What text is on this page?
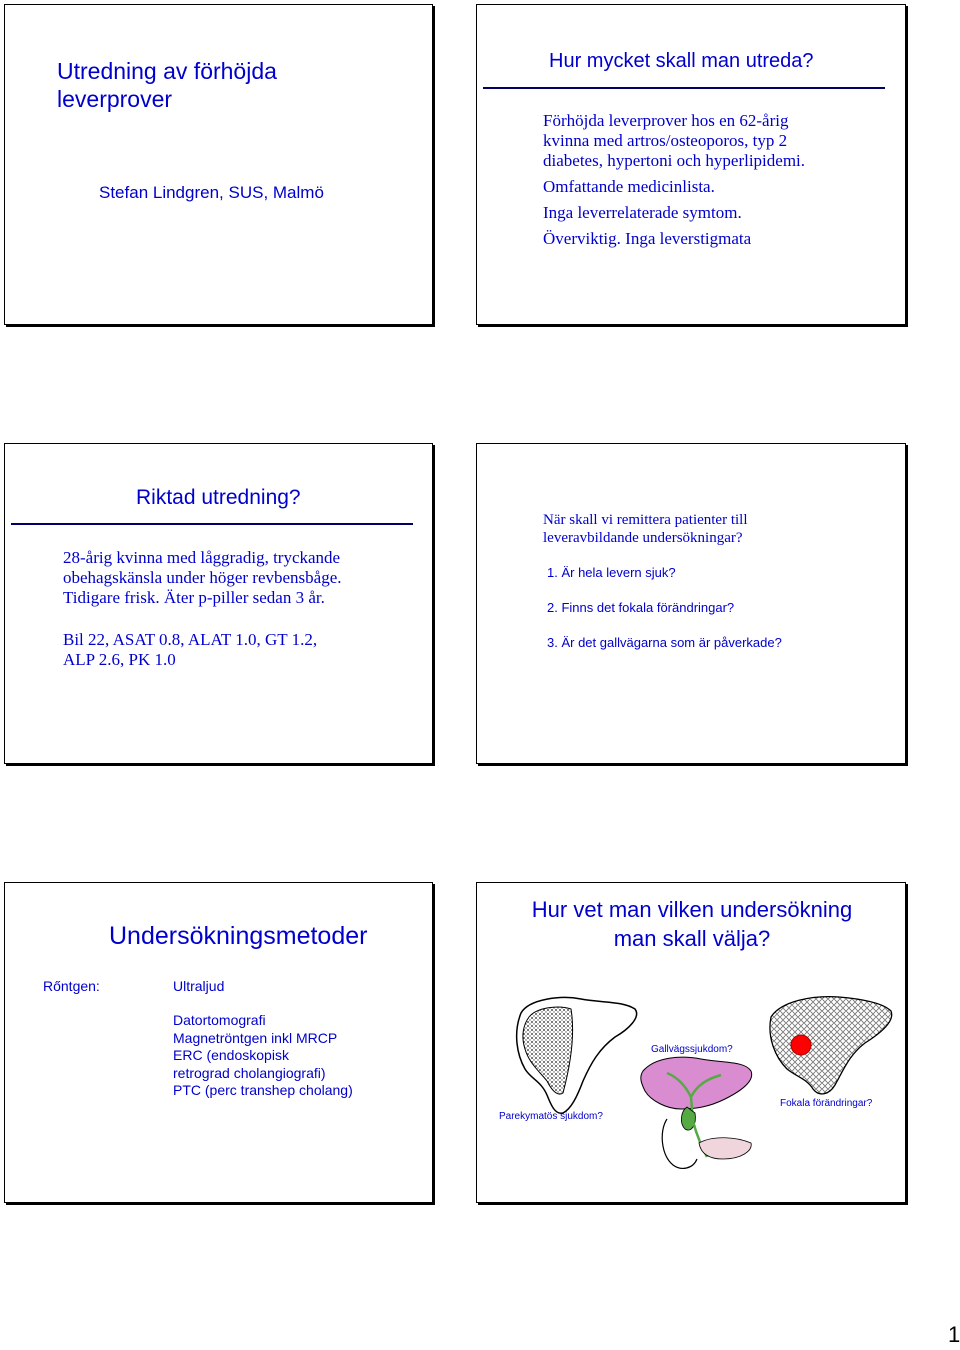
Utredning av förhöjda leverprover
Stefan Lindgren, SUS, Malmö
Hur mycket skall man utreda?
Förhöjda leverprover hos en 62-årig
kvinna med artros/osteoporos, typ 2
diabetes, hypertoni och hyperlipidemi.
Omfattande medicinlista.
Inga leverrelaterade symtom.
Överviktig. Inga leverstigmata
Riktad utredning?
28-årig kvinna med låggradig, tryckande
obehagskänsla under höger revbensbåge.
Tidigare frisk. Äter p-piller sedan 3 år.
Bil 22, ASAT 0.8, ALAT 1.0, GT 1.2,
ALP 2.6, PK 1.0
När skall vi remittera patienter till
leveravbildande undersökningar?
1. Är hela levern sjuk?
2. Finns det fokala förändringar?
3. Är det gallvägarna som är påverkade?
Undersökningsmetoder
Rőntgen:	Ultraljud
Datortomografi
Magnetröntgen inkl MRCP
ERC (endoskopisk
retrograd cholangiografi)
PTC (perc transhep cholang)
Hur vet man vilken undersökning
man skall välja?
Parekymatös sjukdom?
Gallvägssjukdom?
Fokala förändringar?
1
